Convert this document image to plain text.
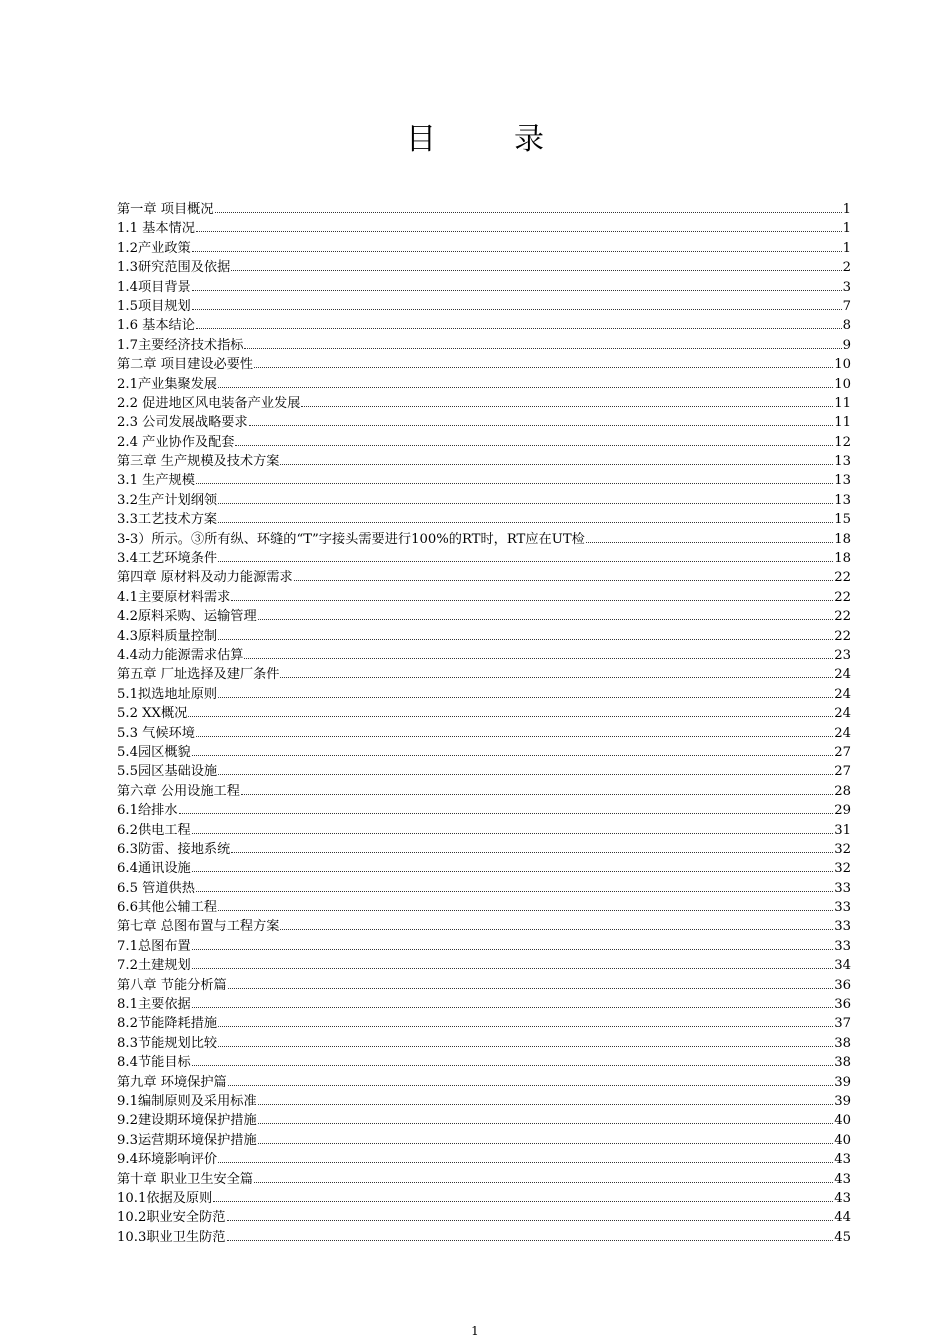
目录
第一章 项目概况	1
1.1 基本情况	1
1.2产业政策	1
1.3研究范围及依据	2
1.4项目背景	3
1.5项目规划	7
1.6 基本结论	8
1.7主要经济技术指标	9
第二章 项目建设必要性	10
2.1产业集聚发展	10
2.2 促进地区风电装备产业发展	11
2.3 公司发展战略要求	11
2.4 产业协作及配套	12
第三章 生产规模及技术方案	13
3.1 生产规模	13
3.2生产计划纲领	13
3.3工艺技术方案	15
3-3）所示。③所有纵、环缝的“T”字接头需要进行100%的RT时，RT应在UT检	18
3.4工艺环境条件	18
第四章 原材料及动力能源需求	22
4.1主要原材料需求	22
4.2原料采购、运输管理	22
4.3原料质量控制	22
4.4动力能源需求估算	23
第五章 厂址选择及建厂条件	24
5.1拟选地址原则	24
5.2 XX概况	24
5.3 气候环境	24
5.4园区概貌	27
5.5园区基础设施	27
第六章 公用设施工程	28
6.1给排水	29
6.2供电工程	31
6.3防雷、接地系统	32
6.4通讯设施	32
6.5 管道供热	33
6.6其他公辅工程	33
第七章 总图布置与工程方案	33
7.1总图布置	33
7.2土建规划	34
第八章 节能分析篇	36
8.1主要依据	36
8.2节能降耗措施	37
8.3节能规划比较	38
8.4节能目标	38
第九章 环境保护篇	39
9.1编制原则及采用标准	39
9.2建设期环境保护措施	40
9.3运营期环境保护措施	40
9.4环境影响评价	43
第十章 职业卫生安全篇	43
10.1依据及原则	43
10.2职业安全防范	44
10.3职业卫生防范	45
1
